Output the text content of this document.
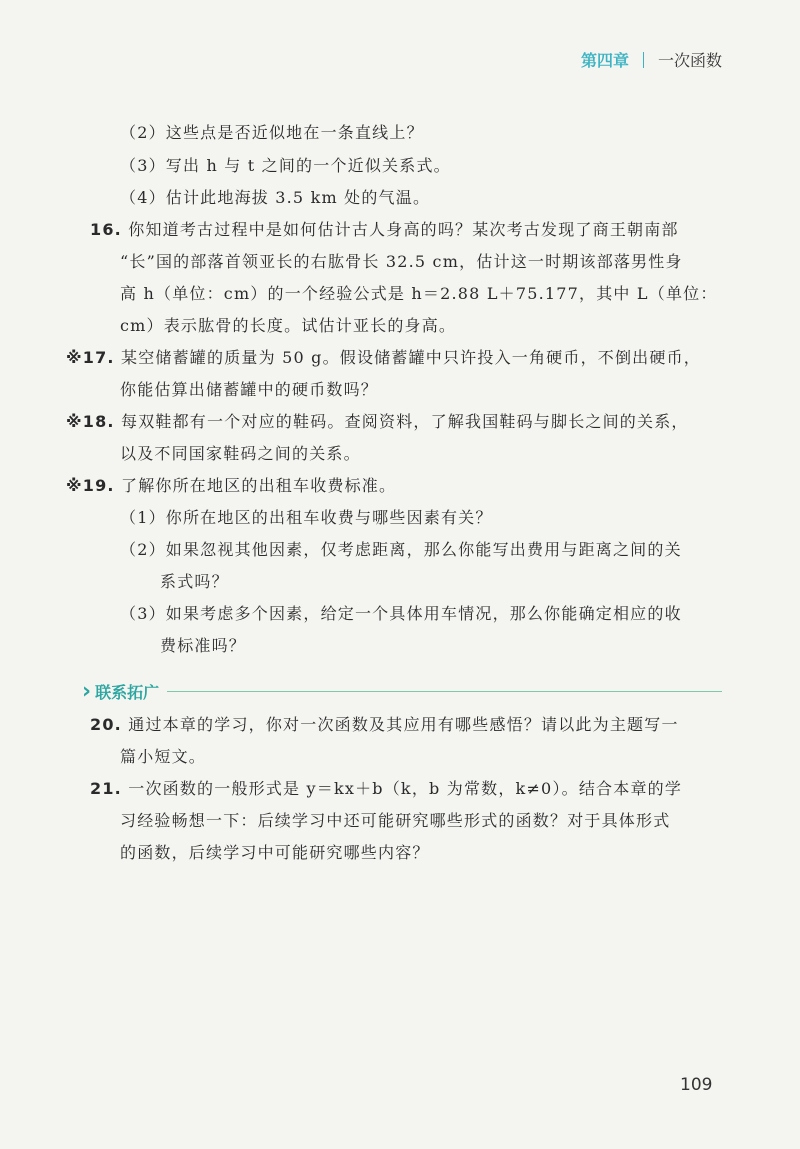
第四章 一次函数
（2）这些点是否近似地在一条直线上？
（3）写出 h 与 t 之间的一个近似关系式。
（4）估计此地海拔 3.5 km 处的气温。
16. 你知道考古过程中是如何估计古人身高的吗？某次考古发现了商王朝南部
“长”国的部落首领亚长的右肱骨长 32.5 cm，估计这一时期该部落男性身
高 h（单位：cm）的一个经验公式是 h＝2.88 L＋75.177，其中 L（单位：
cm）表示肱骨的长度。试估计亚长的身高。
※17. 某空储蓄罐的质量为 50 g。假设储蓄罐中只许投入一角硬币，不倒出硬币，
你能估算出储蓄罐中的硬币数吗？
※18. 每双鞋都有一个对应的鞋码。查阅资料，了解我国鞋码与脚长之间的关系，
以及不同国家鞋码之间的关系。
※19. 了解你所在地区的出租车收费标准。
（1）你所在地区的出租车收费与哪些因素有关？
（2）如果忽视其他因素，仅考虑距离，那么你能写出费用与距离之间的关
系式吗？
（3）如果考虑多个因素，给定一个具体用车情况，那么你能确定相应的收
费标准吗？
20. 通过本章的学习，你对一次函数及其应用有哪些感悟？请以此为主题写一
篇小短文。
21. 一次函数的一般形式是 y＝kx＋b（k，b 为常数，k≠0）。结合本章的学
习经验畅想一下：后续学习中还可能研究哪些形式的函数？对于具体形式
的函数，后续学习中可能研究哪些内容？
› 联系拓广
109
